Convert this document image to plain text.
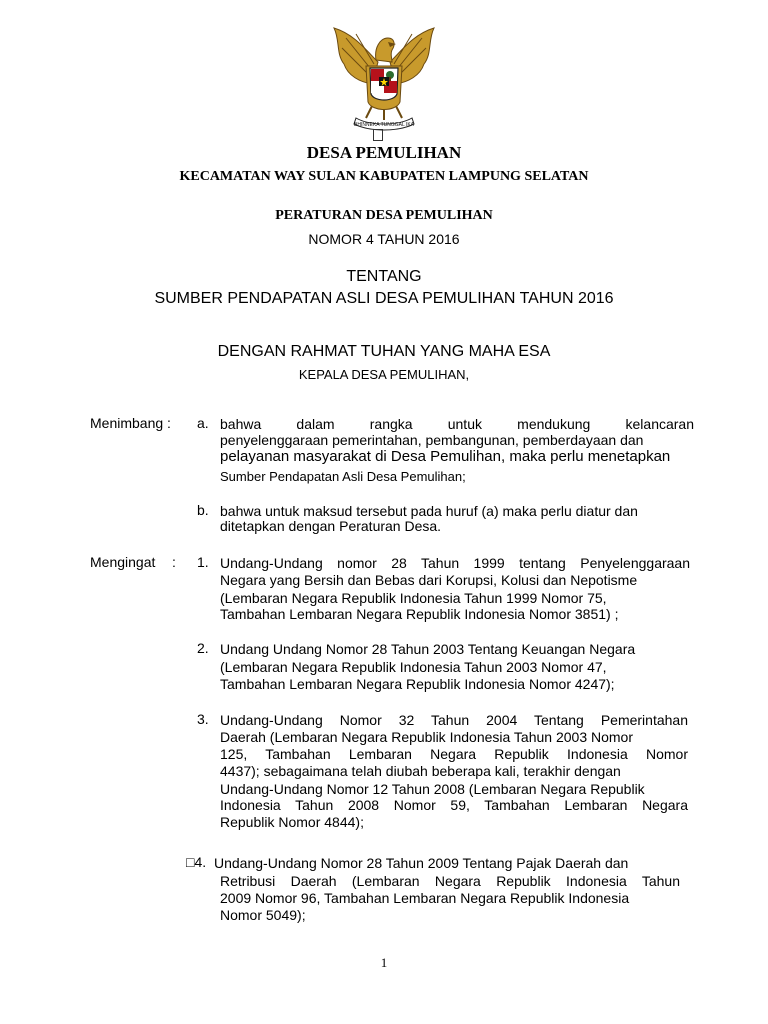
BHINNEKA TUNGGAL IKA
DESA PEMULIHAN
KECAMATAN WAY SULAN KABUPATEN LAMPUNG SELATAN
PERATURAN DESA PEMULIHAN
NOMOR 4 TAHUN 2016
TENTANG
SUMBER PENDAPATAN ASLI DESA PEMULIHAN TAHUN 2016
DENGAN RAHMAT TUHAN YANG MAHA ESA
KEPALA DESA PEMULIHAN,
Menimbang : a. bahwa dalam rangka untuk mendukung kelancaran
penyelenggaraan pemerintahan, pembangunan, pemberdayaan dan
pelayanan masyarakat di Desa Pemulihan, maka perlu menetapkan
Sumber Pendapatan Asli Desa Pemulihan;
b. bahwa untuk maksud tersebut pada huruf (a) maka perlu diatur dan
ditetapkan dengan Peraturan Desa.
Mengingat : 1. Undang-Undang nomor 28 Tahun 1999 tentang Penyelenggaraan
Negara yang Bersih dan Bebas dari Korupsi, Kolusi dan Nepotisme
(Lembaran Negara Republik Indonesia Tahun 1999 Nomor 75,
Tambahan Lembaran Negara Republik Indonesia Nomor 3851) ;
2. Undang Undang Nomor 28 Tahun 2003 Tentang Keuangan Negara
(Lembaran Negara Republik Indonesia Tahun 2003 Nomor 47,
Tambahan Lembaran Negara Republik Indonesia Nomor 4247);
3. Undang-Undang Nomor 32 Tahun 2004 Tentang Pemerintahan
Daerah (Lembaran Negara Republik Indonesia Tahun 2003 Nomor
125, Tambahan Lembaran Negara Republik Indonesia Nomor
4437); sebagaimana telah diubah beberapa kali, terakhir dengan
Undang-Undang Nomor 12 Tahun 2008 (Lembaran Negara Republik
Indonesia Tahun 2008 Nomor 59, Tambahan Lembaran Negara
Republik Nomor 4844);
□4. Undang-Undang Nomor 28 Tahun 2009 Tentang Pajak Daerah dan
Retribusi Daerah (Lembaran Negara Republik Indonesia Tahun
2009 Nomor 96, Tambahan Lembaran Negara Republik Indonesia
Nomor 5049);
1
